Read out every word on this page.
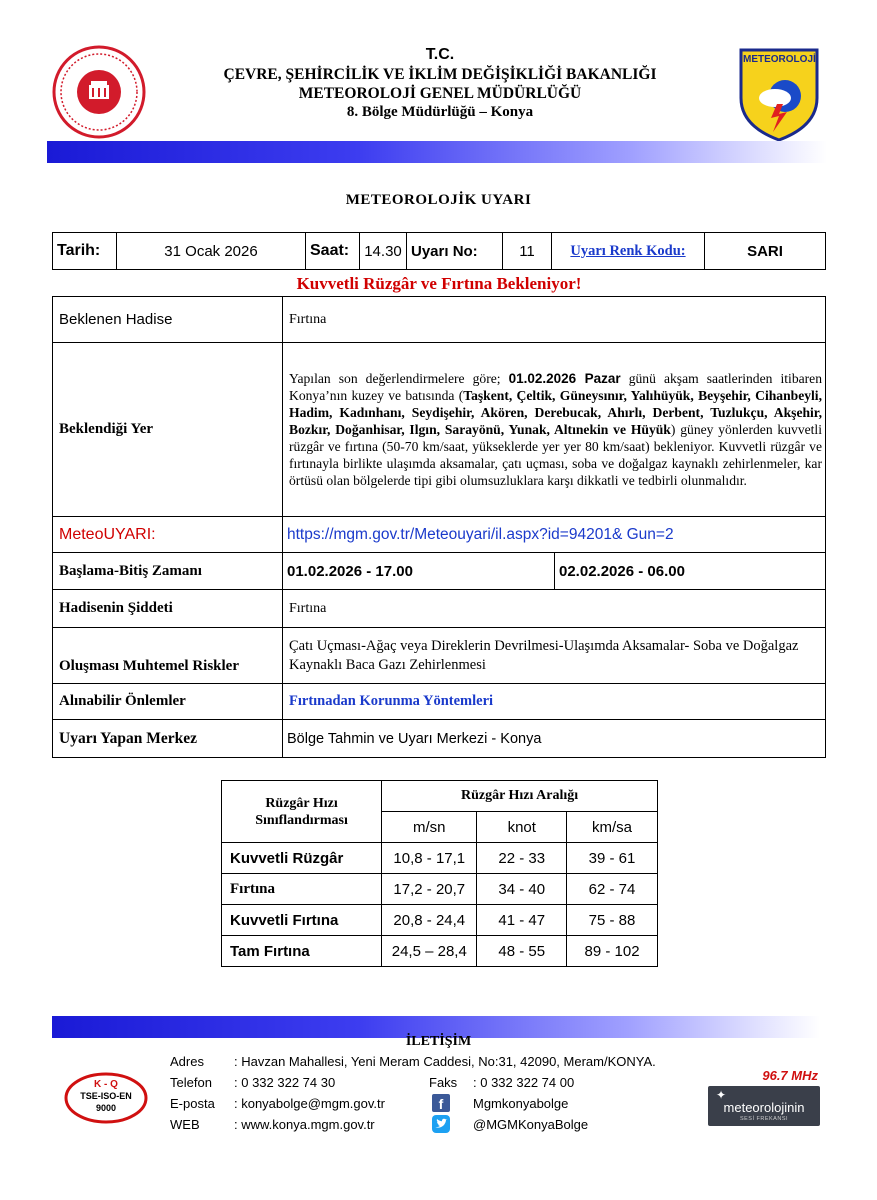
T.C.
ÇEVRE, ŞEHİRCİLİK VE İKLİM DEĞİŞİKLİĞİ BAKANLIĞI
METEOROLOJİ GENEL MÜDÜRLÜĞÜ
8. Bölge Müdürlüğü – Konya
METEOROLOJİ
METEOROLOJİK UYARI
Tarih:	31 Ocak 2026	Saat:	14.30	Uyarı No:	11	Uyarı Renk Kodu:	SARI
Kuvvetli Rüzgâr ve Fırtına Bekleniyor!
Beklenen Hadise	Fırtına
Beklendiği Yer	Yapılan son değerlendirmelere göre; 01.02.2026 Pazar günü akşam saatlerinden itibaren Konya’nın kuzey ve batısında (Taşkent, Çeltik, Güneysınır, Yalıhüyük, Beyşehir, Cihanbeyli, Hadim, Kadınhanı, Seydişehir, Akören, Derebucak, Ahırlı, Derbent, Tuzlukçu, Akşehir, Bozkır, Doğanhisar, Ilgın, Sarayönü, Yunak, Altınekin ve Hüyük) güney yönlerden kuvvetli rüzgâr ve fırtına (50-70 km/saat, yükseklerde yer yer 80 km/saat) bekleniyor. Kuvvetli rüzgâr ve fırtınayla birlikte ulaşımda aksamalar, çatı uçması, soba ve doğalgaz kaynaklı zehirlenmeler, kar örtüsü olan bölgelerde tipi gibi olumsuzluklara karşı dikkatli ve tedbirli olunmalıdır.
MeteoUYARI:	https://mgm.gov.tr/Meteouyari/il.aspx?id=94201& Gun=2
Başlama-Bitiş Zamanı		01.02.2026 - 17.00	02.02.2026 - 06.00

Hadisenin Şiddeti	Fırtına
Oluşması Muhtemel Riskler	Çatı Uçması-Ağaç veya Direklerin Devrilmesi-Ulaşımda Aksamalar- Soba ve Doğalgaz Kaynaklı Baca Gazı Zehirlenmesi
Alınabilir Önlemler	Fırtınadan Korunma Yöntemleri
Uyarı Yapan Merkez	Bölge Tahmin ve Uyarı Merkezi - Konya
Rüzgâr Hızı Sınıflandırması	Rüzgâr Hızı Aralığı		
	m/sn	knot	km/sa
Kuvvetli Rüzgâr	10,8 - 17,1	22 - 33	39 - 61
Fırtına	17,2 - 20,7	34 - 40	62 - 74
Kuvvetli Fırtına	20,8 - 24,4	41 - 47	75 - 88
Tam Fırtına	24,5 – 28,4	48 - 55	89 - 102
İLETİŞİM
K - Q
TSE-ISO-EN
9000
Adres : Havzan Mahallesi, Yeni Meram Caddesi, No:31, 42090, Meram/KONYA.
Telefon : 0 332 322 74 30	Faks : 0 332 322 74 00
E-posta : konyabolge@mgm.gov.tr	f	Mgmkonyabolge
WEB	: www.konya.mgm.gov.tr	@MGMKonyaBolge
96.7 MHz
✦
meteorolojinin
SESİ FREKANSI
